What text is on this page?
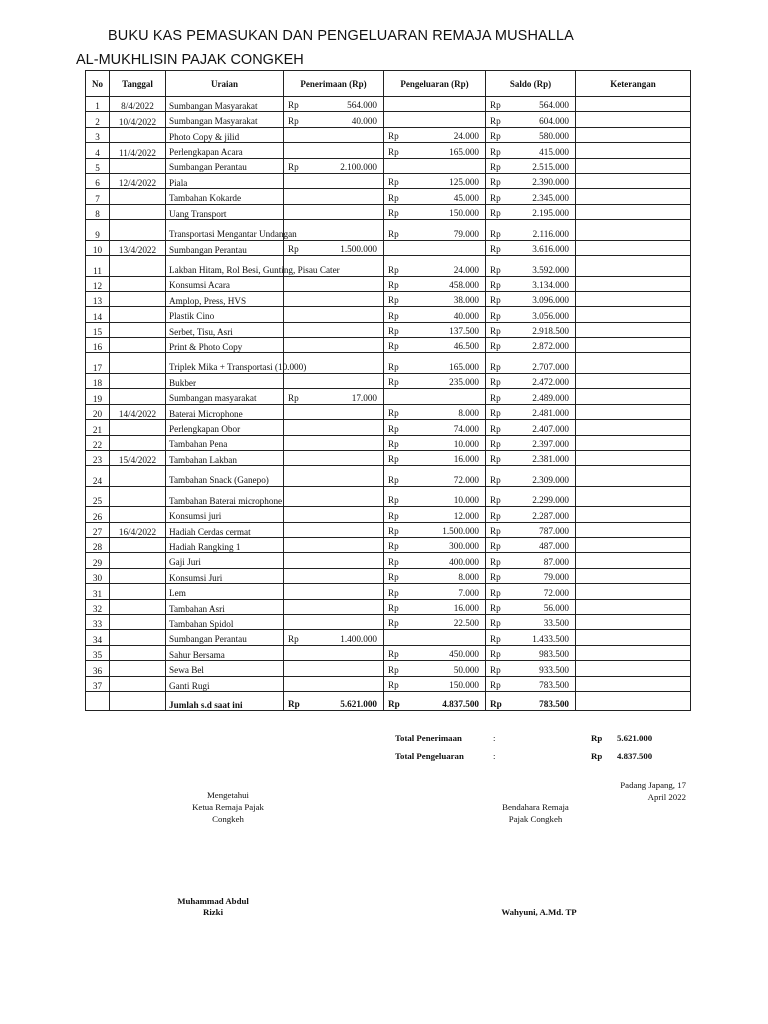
BUKU KAS PEMASUKAN DAN PENGELUARAN REMAJA MUSHALLA
AL-MUKHLISIN PAJAK CONGKEH
No	Tanggal	Uraian	Penerimaan (Rp)	Pengeluaran (Rp)	Saldo (Rp)	Keterangan
1	8/4/2022	Sumbangan Masyarakat	Rp 564.000		Rp 564.000	

2	10/4/2022	Sumbangan Masyarakat	Rp 40.000		Rp 604.000	

3		Photo Copy & jilid		Rp 24.000	Rp 580.000	

4	11/4/2022	Perlengkapan Acara		Rp 165.000	Rp 415.000	

5		Sumbangan Perantau	Rp 2.100.000		Rp 2.515.000	

6	12/4/2022	Piala		Rp 125.000	Rp 2.390.000	

7		Tambahan Kokarde		Rp 45.000	Rp 2.345.000	

8		Uang Transport		Rp 150.000	Rp 2.195.000	

9		Transportasi Mengantar Undangan		Rp 79.000	Rp 2.116.000	

10	13/4/2022	Sumbangan Perantau	Rp 1.500.000		Rp 3.616.000	

11		Lakban Hitam, Rol Besi, Gunting, Pisau Cater		Rp 24.000	Rp 3.592.000	

12		Konsumsi Acara		Rp 458.000	Rp 3.134.000	

13		Amplop, Press, HVS		Rp 38.000	Rp 3.096.000	

14		Plastik Cino		Rp 40.000	Rp 3.056.000	

15		Serbet, Tisu, Asri		Rp 137.500	Rp 2.918.500	

16		Print & Photo Copy		Rp 46.500	Rp 2.872.000	

17		Triplek Mika + Transportasi (10.000)		Rp 165.000	Rp 2.707.000	

18		Bukber		Rp 235.000	Rp 2.472.000	

19		Sumbangan masyarakat	Rp 17.000		Rp 2.489.000	

20	14/4/2022	Baterai Microphone		Rp 8.000	Rp 2.481.000	

21		Perlengkapan Obor		Rp 74.000	Rp 2.407.000	

22		Tambahan Pena		Rp 10.000	Rp 2.397.000	

23	15/4/2022	Tambahan Lakban		Rp 16.000	Rp 2.381.000	

24		Tambahan Snack (Ganepo)		Rp 72.000	Rp 2.309.000	

25		Tambahan Baterai microphone		Rp 10.000	Rp 2.299.000	

26		Konsumsi juri		Rp 12.000	Rp 2.287.000	

27	16/4/2022	Hadiah Cerdas cermat		Rp 1.500.000	Rp 787.000	

28		Hadiah Rangking 1		Rp 300.000	Rp 487.000	

29		Gaji Juri		Rp 400.000	Rp 87.000	

30		Konsumsi Juri		Rp 8.000	Rp 79.000	

31		Lem		Rp 7.000	Rp 72.000	

32		Tambahan Asri		Rp 16.000	Rp 56.000	

33		Tambahan Spidol		Rp 22.500	Rp 33.500	

34		Sumbangan Perantau	Rp 1.400.000		Rp 1.433.500	

35		Sahur Bersama		Rp 450.000	Rp 983.500	

36		Sewa Bel		Rp 50.000	Rp 933.500	

37		Ganti Rugi		Rp 150.000	Rp 783.500	

		Jumlah s.d saat ini	Rp 5.621.000	Rp 4.837.500	Rp 783.500	

Total Penerimaan	:	Rp 5.621.000
Total Pengeluaran	:	Rp 4.837.500
Padang Japang, 17
April 2022
Mengetahui
Ketua Remaja Pajak
Congkeh
Bendahara Remaja
Pajak Congkeh
Muhammad Abdul
Rizki	Wahyuni, A.Md. TP
